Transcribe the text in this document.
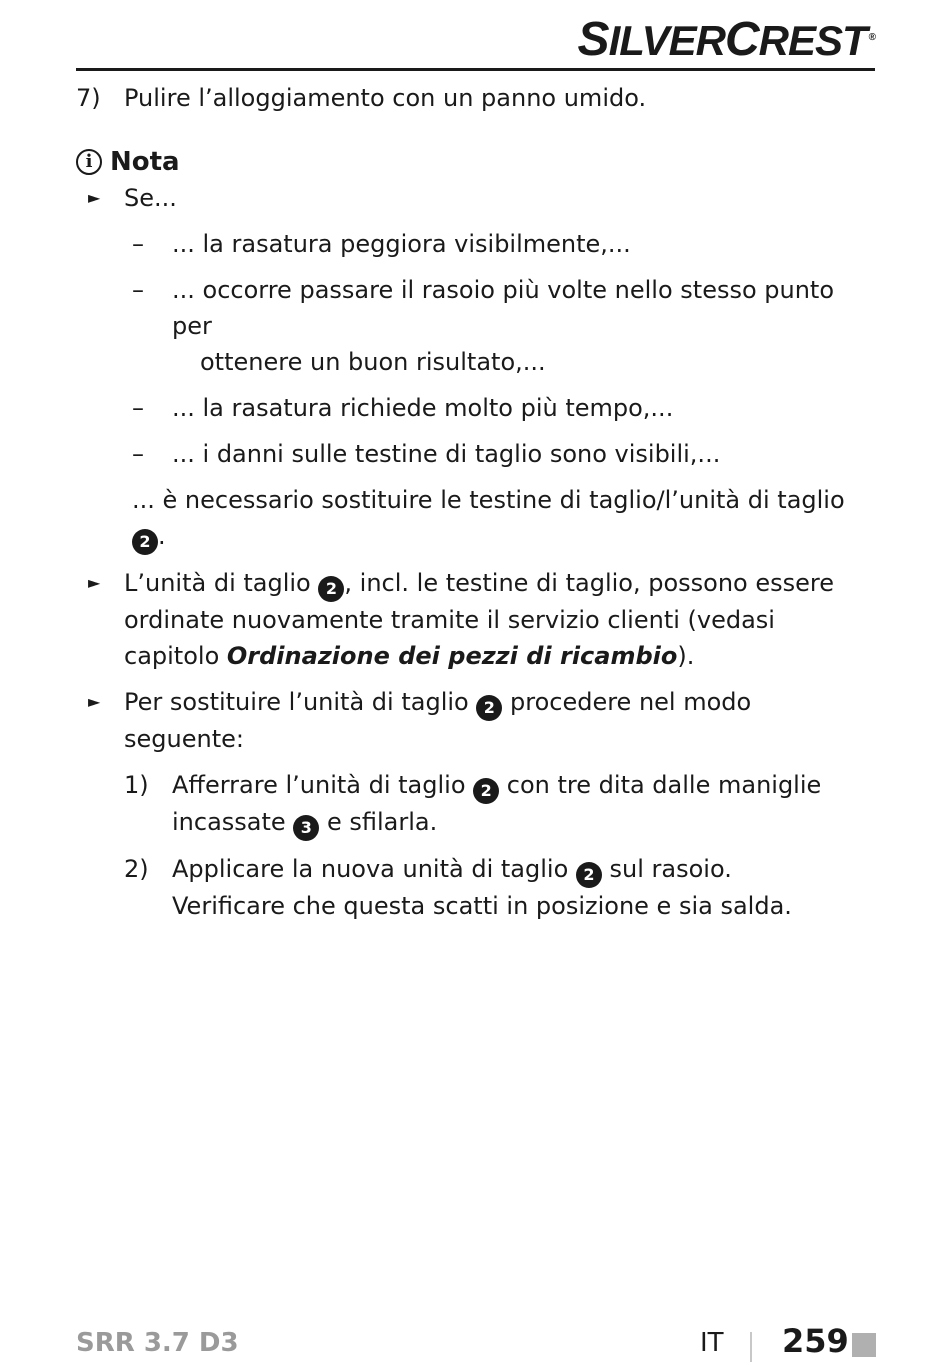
SILVERCREST ®
7) Pulire l’alloggiamento con un panno umido.
i Nota
► Se...
– ... la rasatura peggiora visibilmente,...
– ... occorre passare il rasoio più volte nello stesso punto per
ottenere un buon risultato,...
– ... la rasatura richiede molto più tempo,...
– ... i danni sulle testine di taglio sono visibili,...
... è necessario sostituire le testine di taglio/l’unità di taglio 2 .
► L’unità di taglio 2 , incl. le testine di taglio, possono essere ordinate nuovamente tramite il servizio clienti (vedasi capitolo Ordinazione dei pezzi di ricambio).
► Per sostituire l’unità di taglio 2 procedere nel modo seguente:
1) Afferrare l’unità di taglio 2 con tre dita dalle maniglie incassate 3 e sfilarla.
2) Applicare la nuova unità di taglio 2 sul rasoio.
Verificare che questa scatti in posizione e sia salda.
SRR 3.7 D3	IT 259
